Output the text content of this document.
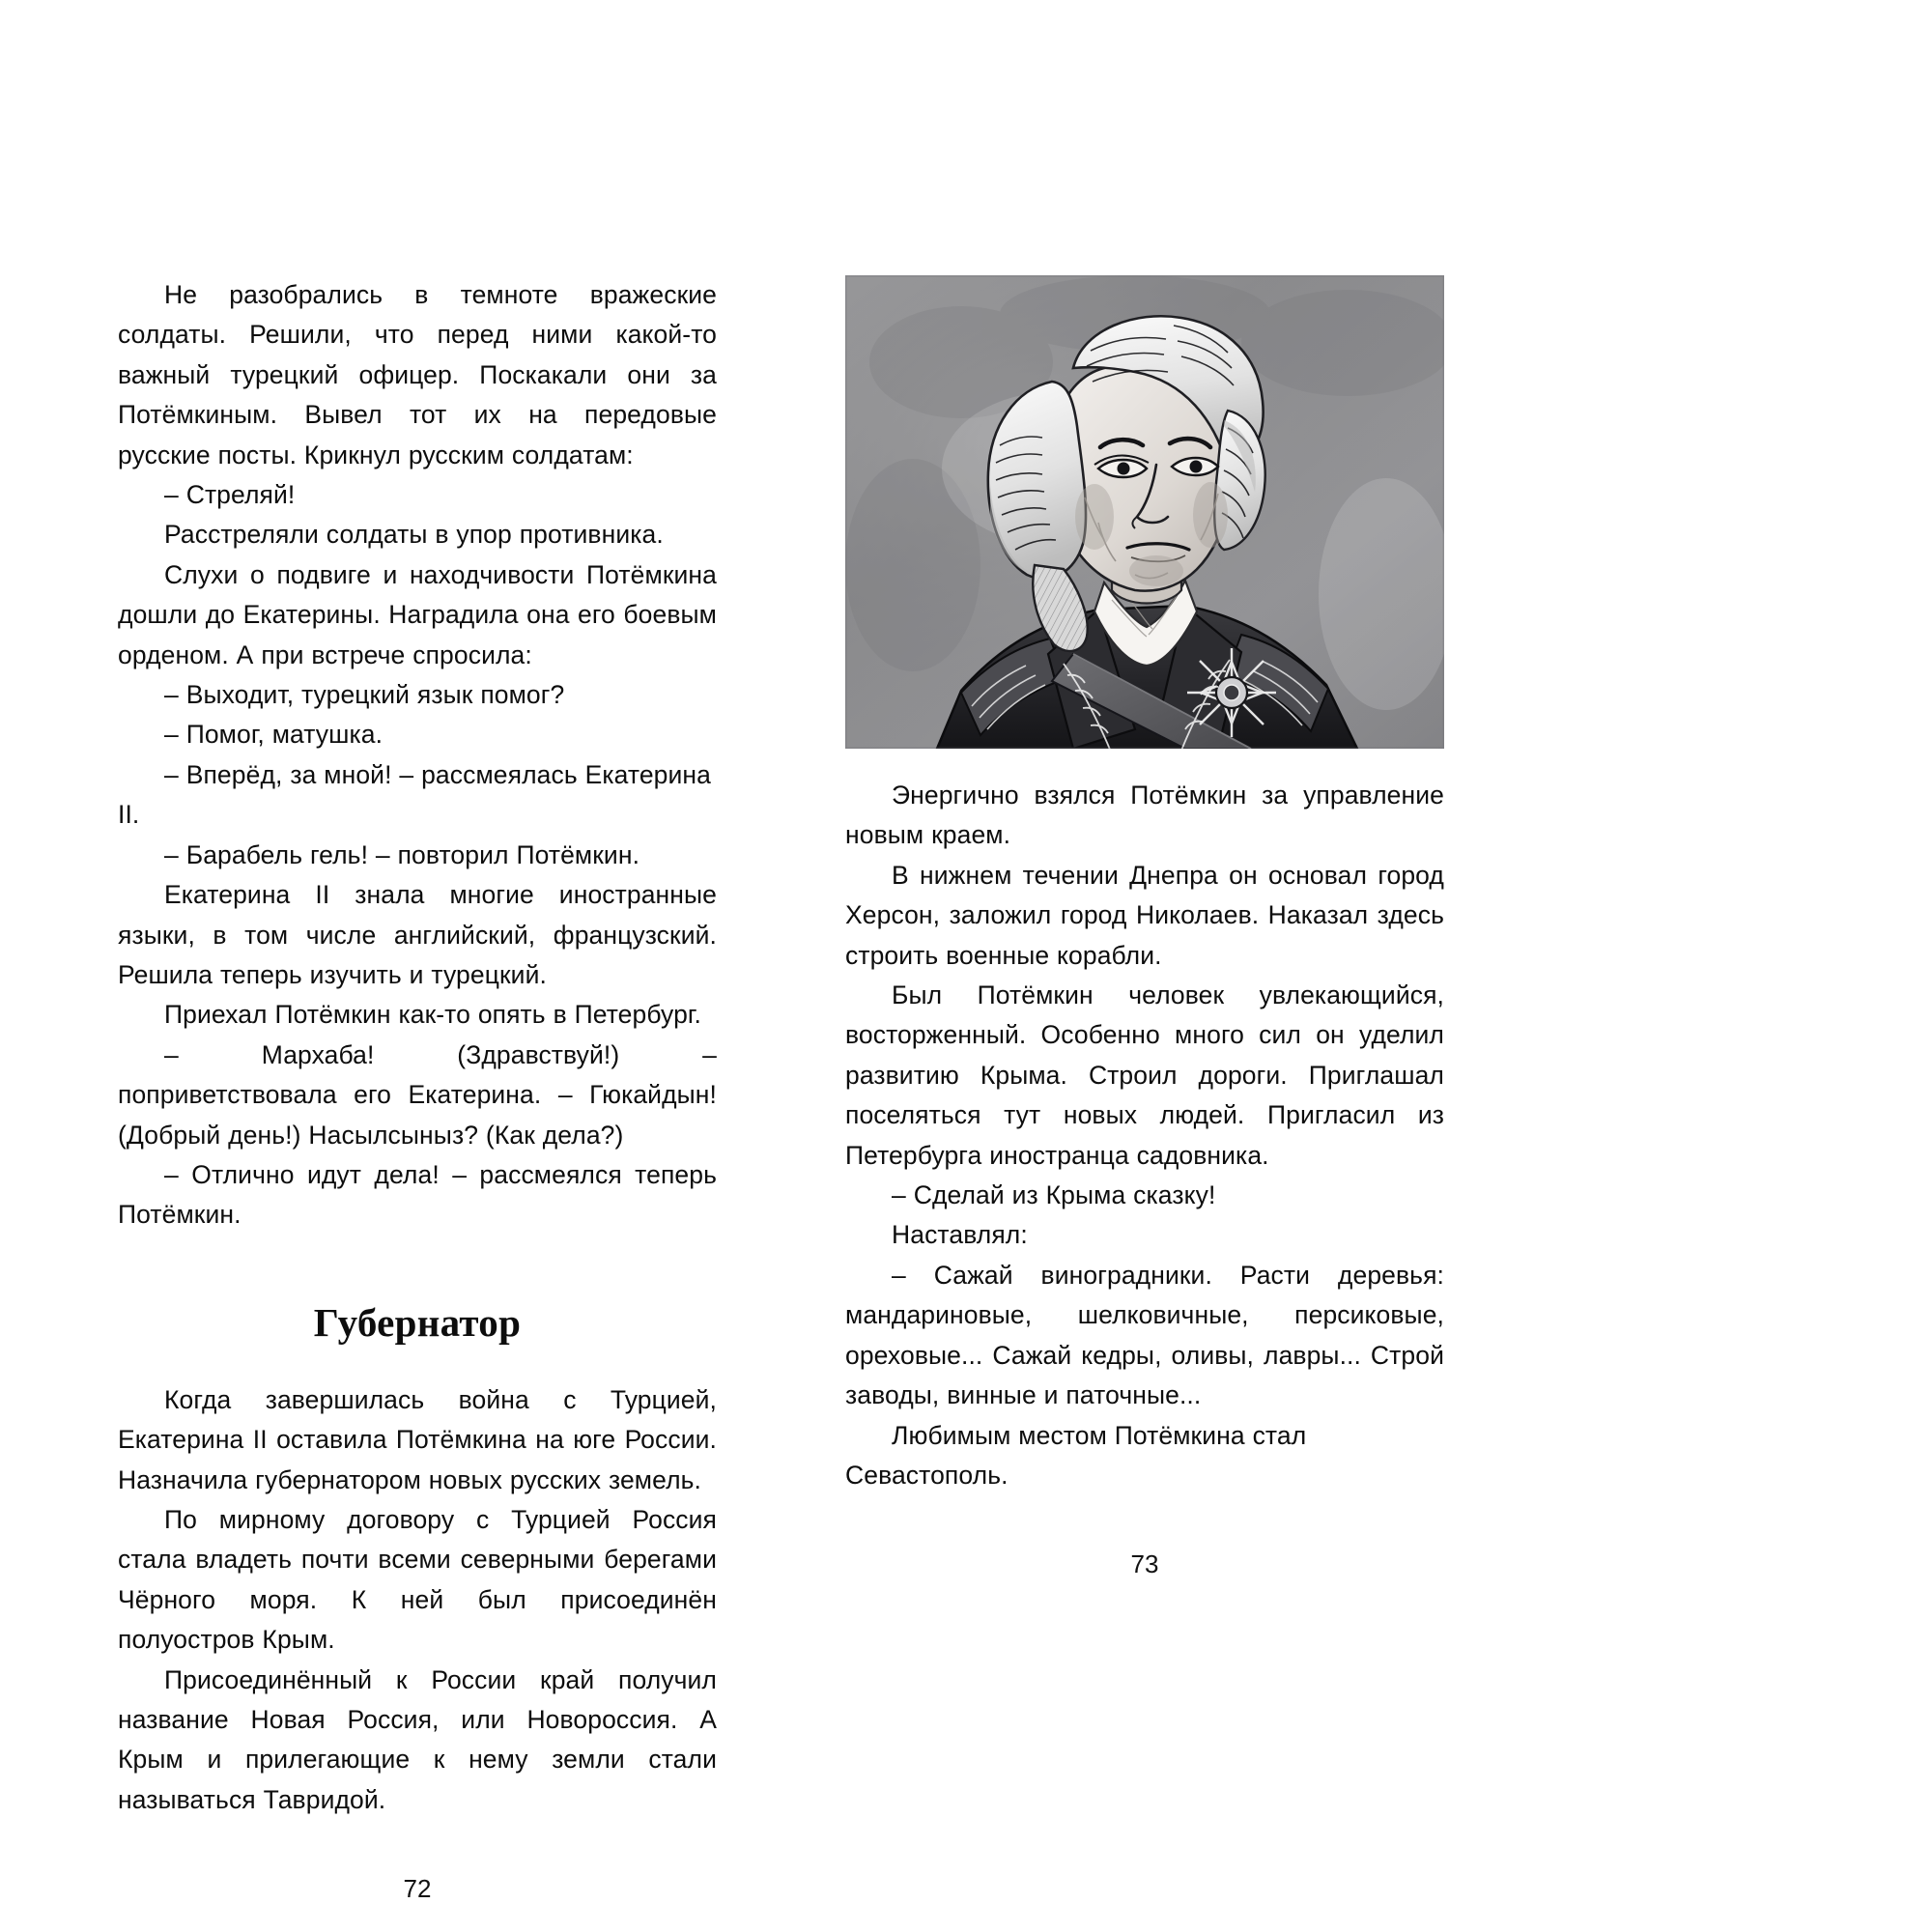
Не разобрались в темноте вражеские солдаты. Решили, что перед ними какой-то важный турецкий офицер. Поскакали они за Потёмкиным. Вывел тот их на передовые русские посты. Крикнул русским солдатам:

– Стреляй!

Расстреляли солдаты в упор противника.

Слухи о подвиге и находчивости Потёмкина дошли до Екатерины. Наградила она его боевым орденом. А при встрече спросила:

– Выходит, турецкий язык помог?

– Помог, матушка.

– Вперёд, за мной! – рассмеялась Екатерина II.

– Барабель гель! – повторил Потёмкин.

Екатерина II знала многие иностранные языки, в том числе английский, французский. Решила теперь изучить и турецкий.

Приехал Потёмкин как-то опять в Петербург.

– Мархаба! (Здравствуй!) – поприветствовала его Екатерина. – Гюкайдын! (Добрый день!) Насылсыныз? (Как дела?)

– Отлично идут дела! – рассмеялся теперь Потёмкин.

Губернатор

Когда завершилась война с Турцией, Екатерина II оставила Потёмкина на юге России. Назначила губернатором новых русских земель.

По мирному договору с Турцией Россия стала владеть почти всеми северными берегами Чёрного моря. К ней был присоединён полуостров Крым.

Присоединённый к России край получил название Новая Россия, или Новороссия. А Крым и прилегающие к нему земли стали называться Тавридой.

72

Энергично взялся Потёмкин за управление новым краем.

В нижнем течении Днепра он основал город Херсон, заложил город Николаев. Наказал здесь строить военные корабли.

Был Потёмкин человек увлекающийся, восторженный. Особенно много сил он уделил развитию Крыма. Строил дороги. Приглашал поселяться тут новых людей. Пригласил из Петербурга иностранца садовника.

– Сделай из Крыма сказку!

Наставлял:

– Сажай виноградники. Расти деревья: мандариновые, шелковичные, персиковые, ореховые... Сажай кедры, оливы, лавры... Строй заводы, винные и паточные...

Любимым местом Потёмкина стал Севастополь.

73
